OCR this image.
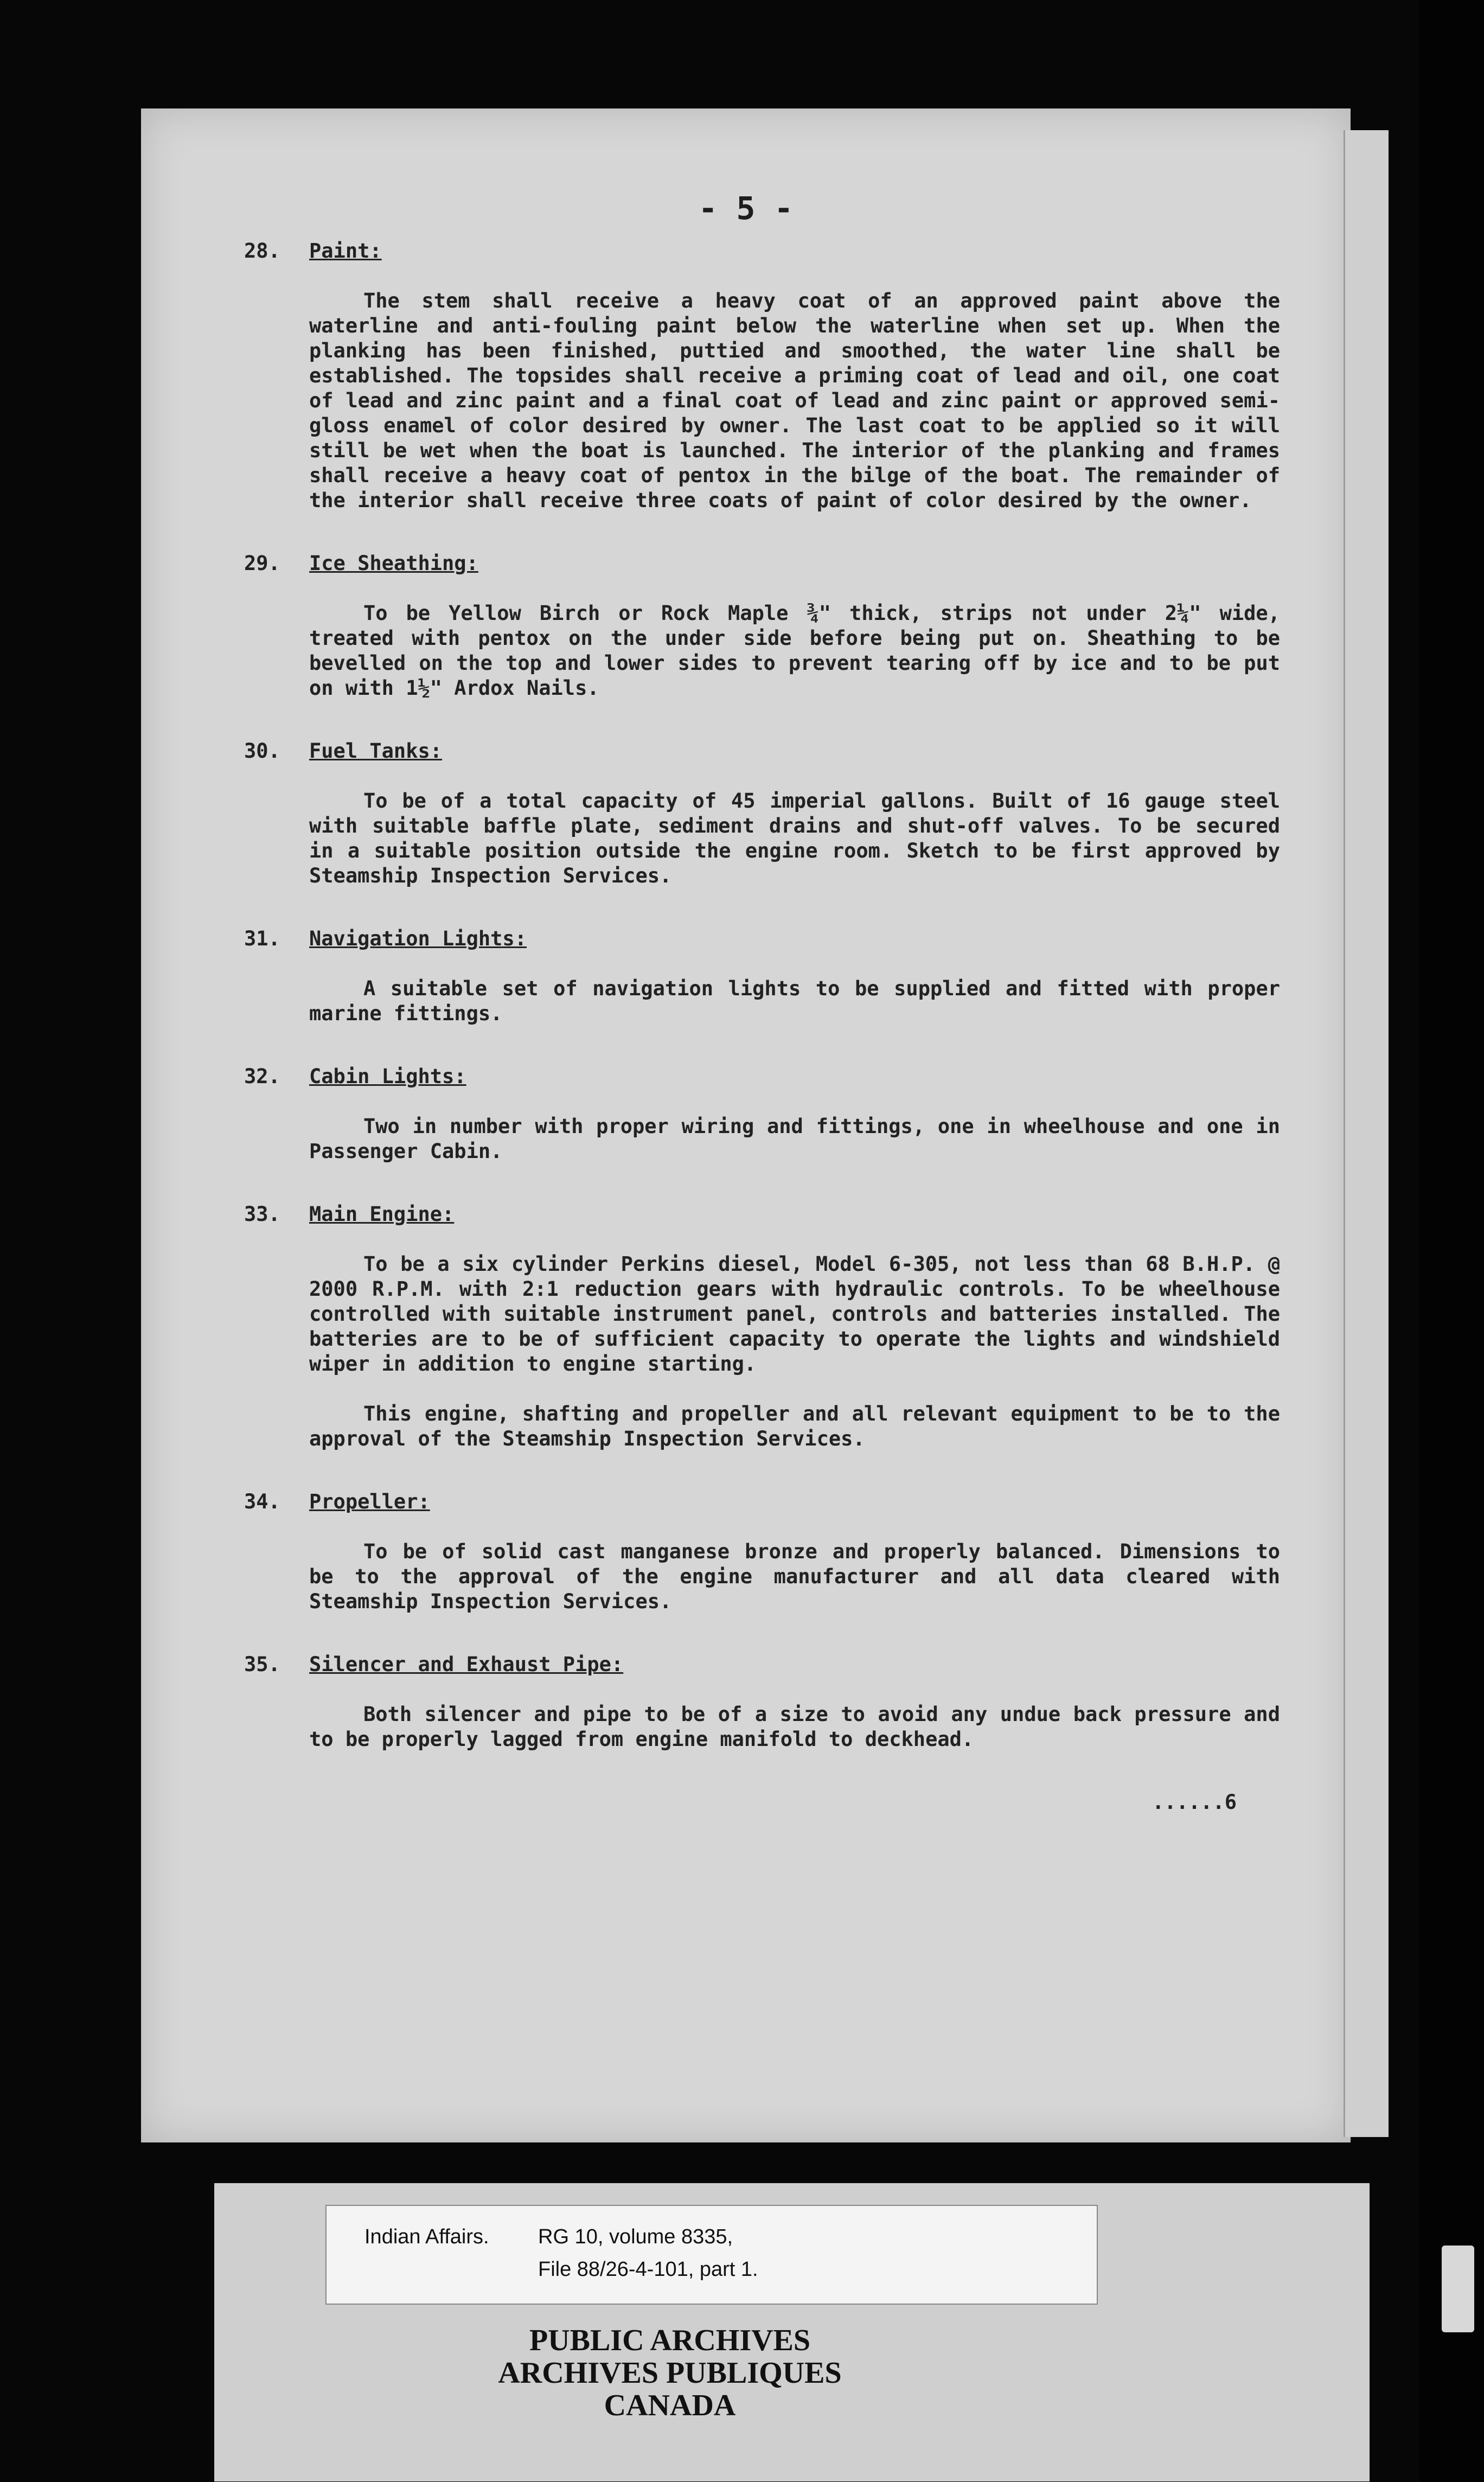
- 5 -
28.	Paint:
The stem shall receive a heavy coat of an approved paint above the waterline and anti-fouling paint below the waterline when set up. When the planking has been finished, puttied and smoothed, the water line shall be established. The topsides shall receive a priming coat of lead and oil, one coat of lead and zinc paint and a final coat of lead and zinc paint or approved semi-gloss enamel of color desired by owner. The last coat to be applied so it will still be wet when the boat is launched. The interior of the planking and frames shall receive a heavy coat of pentox in the bilge of the boat. The remainder of the interior shall receive three coats of paint of color desired by the owner.
29.	Ice Sheathing:
To be Yellow Birch or Rock Maple ¾" thick, strips not under 2¼" wide, treated with pentox on the under side before being put on. Sheathing to be bevelled on the top and lower sides to prevent tearing off by ice and to be put on with 1½" Ardox Nails.
30.	Fuel Tanks:
To be of a total capacity of 45 imperial gallons. Built of 16 gauge steel with suitable baffle plate, sediment drains and shut-off valves. To be secured in a suitable position outside the engine room. Sketch to be first approved by Steamship Inspection Services.
31.	Navigation Lights:
A suitable set of navigation lights to be supplied and fitted with proper marine fittings.
32.	Cabin Lights:
Two in number with proper wiring and fittings, one in wheelhouse and one in Passenger Cabin.
33.	Main Engine:
To be a six cylinder Perkins diesel, Model 6-305, not less than 68 B.H.P. @ 2000 R.P.M. with 2:1 reduction gears with hydraulic controls. To be wheelhouse controlled with suitable instrument panel, controls and batteries installed. The batteries are to be of sufficient capacity to operate the lights and windshield wiper in addition to engine starting.
This engine, shafting and propeller and all relevant equipment to be to the approval of the Steamship Inspection Services.
34.	Propeller:
To be of solid cast manganese bronze and properly balanced. Dimensions to be to the approval of the engine manufacturer and all data cleared with Steamship Inspection Services.
35.	Silencer and Exhaust Pipe:
Both silencer and pipe to be of a size to avoid any undue back pressure and to be properly lagged from engine manifold to deckhead.
......6
Indian Affairs. RG 10, volume 8335,
File 88/26-4-101, part 1.
PUBLIC ARCHIVES
ARCHIVES PUBLIQUES
CANADA
